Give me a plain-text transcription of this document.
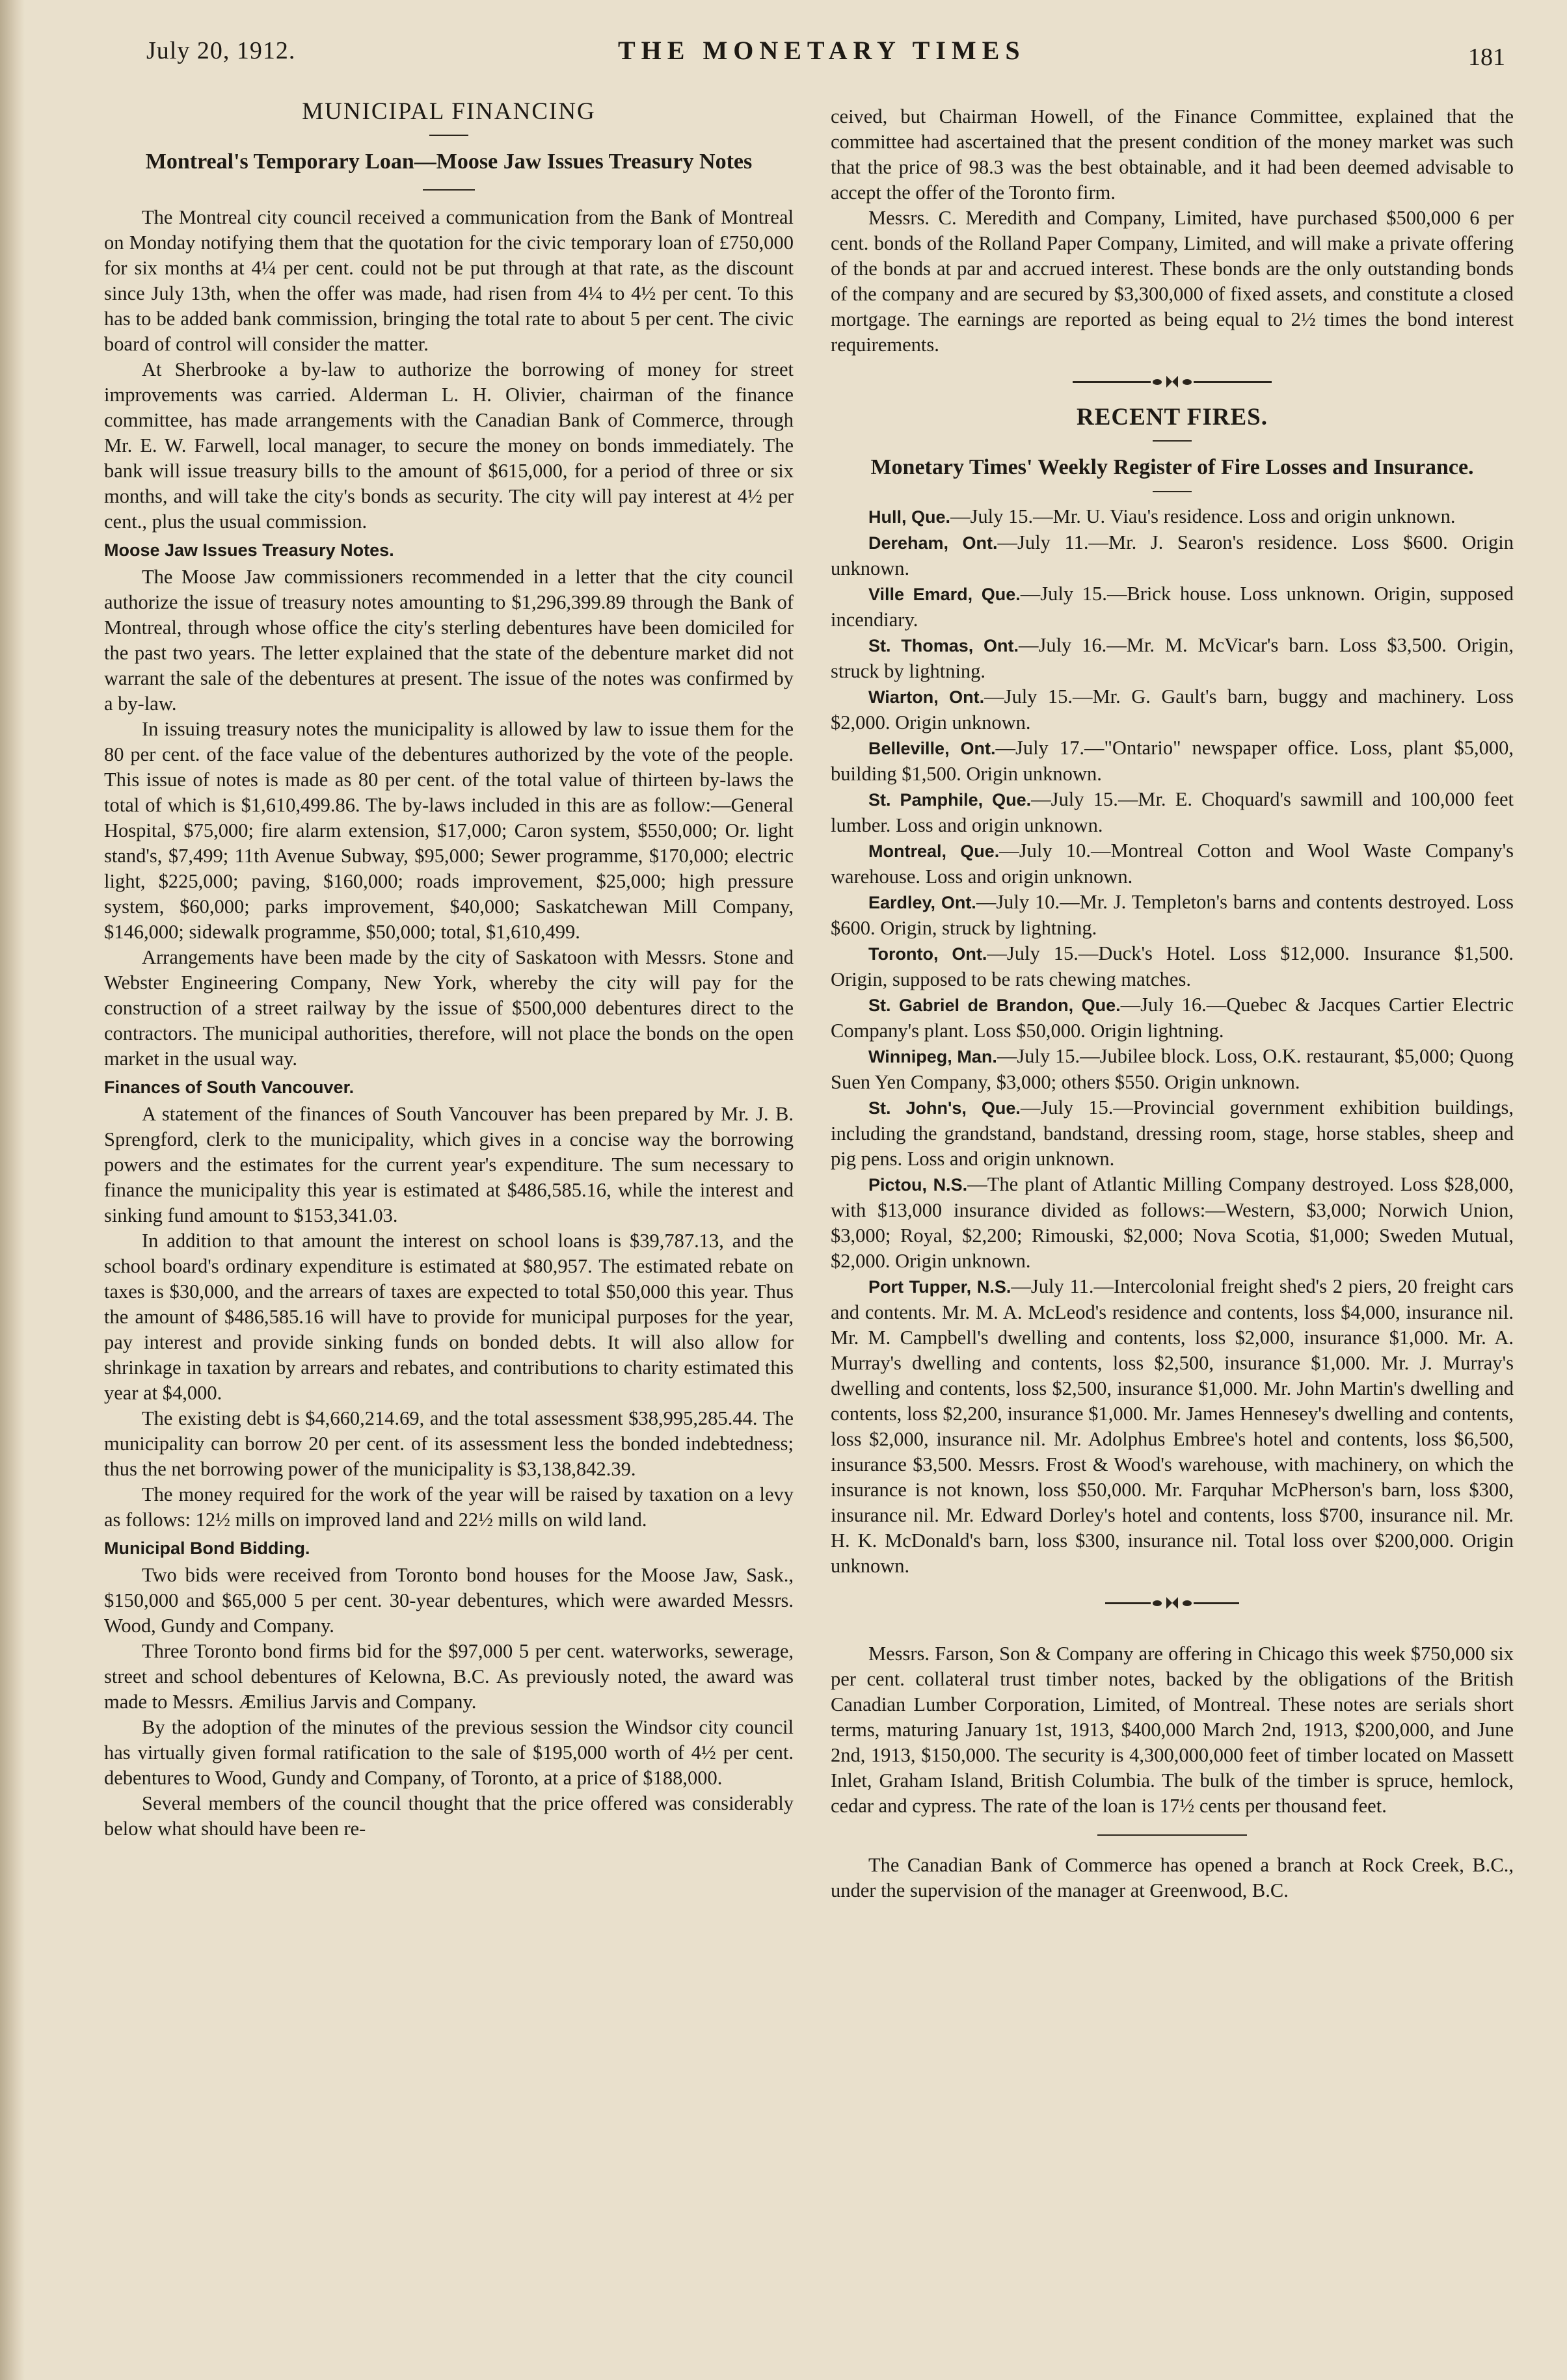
July 20, 1912.	THE MONETARY TIMES	181
MUNICIPAL FINANCING
Montreal's Temporary Loan—Moose Jaw Issues Treasury Notes

The Montreal city council received a communication from the Bank of Montreal on Monday notifying them that the quotation for the civic temporary loan of £750,000 for six months at 4¼ per cent. could not be put through at that rate, as the discount since July 13th, when the offer was made, had risen from 4¼ to 4½ per cent. To this has to be added bank commission, bringing the total rate to about 5 per cent. The civic board of control will consider the matter.

At Sherbrooke a by-law to authorize the borrowing of money for street improvements was carried. Alderman L. H. Olivier, chairman of the finance committee, has made arrangements with the Canadian Bank of Commerce, through Mr. E. W. Farwell, local manager, to secure the money on bonds immediately. The bank will issue treasury bills to the amount of $615,000, for a period of three or six months, and will take the city's bonds as security. The city will pay interest at 4½ per cent., plus the usual commission.

Moose Jaw Issues Treasury Notes.

The Moose Jaw commissioners recommended in a letter that the city council authorize the issue of treasury notes amounting to $1,296,399.89 through the Bank of Montreal, through whose office the city's sterling debentures have been domiciled for the past two years. The letter explained that the state of the debenture market did not warrant the sale of the debentures at present. The issue of the notes was confirmed by a by-law.

In issuing treasury notes the municipality is allowed by law to issue them for the 80 per cent. of the face value of the debentures authorized by the vote of the people. This issue of notes is made as 80 per cent. of the total value of thirteen by-laws the total of which is $1,610,499.86. The by-laws included in this are as follow:—General Hospital, $75,000; fire alarm extension, $17,000; Caron system, $550,000; Or. light stand's, $7,499; 11th Avenue Subway, $95,000; Sewer programme, $170,000; electric light, $225,000; paving, $160,000; roads improvement, $25,000; high pressure system, $60,000; parks improvement, $40,000; Saskatchewan Mill Company, $146,000; sidewalk programme, $50,000; total, $1,610,499.

Arrangements have been made by the city of Saskatoon with Messrs. Stone and Webster Engineering Company, New York, whereby the city will pay for the construction of a street railway by the issue of $500,000 debentures direct to the contractors. The municipal authorities, therefore, will not place the bonds on the open market in the usual way.

Finances of South Vancouver.

A statement of the finances of South Vancouver has been prepared by Mr. J. B. Sprengford, clerk to the municipality, which gives in a concise way the borrowing powers and the estimates for the current year's expenditure. The sum necessary to finance the municipality this year is estimated at $486,585.16, while the interest and sinking fund amount to $153,341.03.

In addition to that amount the interest on school loans is $39,787.13, and the school board's ordinary expenditure is estimated at $80,957. The estimated rebate on taxes is $30,000, and the arrears of taxes are expected to total $50,000 this year. Thus the amount of $486,585.16 will have to provide for municipal purposes for the year, pay interest and provide sinking funds on bonded debts. It will also allow for shrinkage in taxation by arrears and rebates, and contributions to charity estimated this year at $4,000.

The existing debt is $4,660,214.69, and the total assessment $38,995,285.44. The municipality can borrow 20 per cent. of its assessment less the bonded indebtedness; thus the net borrowing power of the municipality is $3,138,842.39.

The money required for the work of the year will be raised by taxation on a levy as follows: 12½ mills on improved land and 22½ mills on wild land.

Municipal Bond Bidding.

Two bids were received from Toronto bond houses for the Moose Jaw, Sask., $150,000 and $65,000 5 per cent. 30-year debentures, which were awarded Messrs. Wood, Gundy and Company.

Three Toronto bond firms bid for the $97,000 5 per cent. waterworks, sewerage, street and school debentures of Kelowna, B.C. As previously noted, the award was made to Messrs. Æmilius Jarvis and Company.

By the adoption of the minutes of the previous session the Windsor city council has virtually given formal ratification to the sale of $195,000 worth of 4½ per cent. debentures to Wood, Gundy and Company, of Toronto, at a price of $188,000.

Several members of the council thought that the price offered was considerably below what should have been re-

ceived, but Chairman Howell, of the Finance Committee, explained that the committee had ascertained that the present condition of the money market was such that the price of 98.3 was the best obtainable, and it had been deemed advisable to accept the offer of the Toronto firm.

Messrs. C. Meredith and Company, Limited, have purchased $500,000 6 per cent. bonds of the Rolland Paper Company, Limited, and will make a private offering of the bonds at par and accrued interest. These bonds are the only outstanding bonds of the company and are secured by $3,300,000 of fixed assets, and constitute a closed mortgage. The earnings are reported as being equal to 2½ times the bond interest requirements.

RECENT FIRES.
Monetary Times' Weekly Register of Fire Losses and Insurance.

Hull, Que.—July 15.—Mr. U. Viau's residence. Loss and origin unknown.

Dereham, Ont.—July 11.—Mr. J. Searon's residence. Loss $600. Origin unknown.

Ville Emard, Que.—July 15.—Brick house. Loss unknown. Origin, supposed incendiary.

St. Thomas, Ont.—July 16.—Mr. M. McVicar's barn. Loss $3,500. Origin, struck by lightning.

Wiarton, Ont.—July 15.—Mr. G. Gault's barn, buggy and machinery. Loss $2,000. Origin unknown.

Belleville, Ont.—July 17.—"Ontario" newspaper office. Loss, plant $5,000, building $1,500. Origin unknown.

St. Pamphile, Que.—July 15.—Mr. E. Choquard's sawmill and 100,000 feet lumber. Loss and origin unknown.

Montreal, Que.—July 10.—Montreal Cotton and Wool Waste Company's warehouse. Loss and origin unknown.

Eardley, Ont.—July 10.—Mr. J. Templeton's barns and contents destroyed. Loss $600. Origin, struck by lightning.

Toronto, Ont.—July 15.—Duck's Hotel. Loss $12,000. Insurance $1,500. Origin, supposed to be rats chewing matches.

St. Gabriel de Brandon, Que.—July 16.—Quebec & Jacques Cartier Electric Company's plant. Loss $50,000. Origin lightning.

Winnipeg, Man.—July 15.—Jubilee block. Loss, O.K. restaurant, $5,000; Quong Suen Yen Company, $3,000; others $550. Origin unknown.

St. John's, Que.—July 15.—Provincial government exhibition buildings, including the grandstand, bandstand, dressing room, stage, horse stables, sheep and pig pens. Loss and origin unknown.

Pictou, N.S.—The plant of Atlantic Milling Company destroyed. Loss $28,000, with $13,000 insurance divided as follows:—Western, $3,000; Norwich Union, $3,000; Royal, $2,200; Rimouski, $2,000; Nova Scotia, $1,000; Sweden Mutual, $2,000. Origin unknown.

Port Tupper, N.S.—July 11.—Intercolonial freight shed's 2 piers, 20 freight cars and contents. Mr. M. A. McLeod's residence and contents, loss $4,000, insurance nil. Mr. M. Campbell's dwelling and contents, loss $2,000, insurance $1,000. Mr. A. Murray's dwelling and contents, loss $2,500, insurance $1,000. Mr. J. Murray's dwelling and contents, loss $2,500, insurance $1,000. Mr. John Martin's dwelling and contents, loss $2,200, insurance $1,000. Mr. James Hennesey's dwelling and contents, loss $2,000, insurance nil. Mr. Adolphus Embree's hotel and contents, loss $6,500, insurance $3,500. Messrs. Frost & Wood's warehouse, with machinery, on which the insurance is not known, loss $50,000. Mr. Farquhar McPherson's barn, loss $300, insurance nil. Mr. Edward Dorley's hotel and contents, loss $700, insurance nil. Mr. H. K. McDonald's barn, loss $300, insurance nil. Total loss over $200,000. Origin unknown.

Messrs. Farson, Son & Company are offering in Chicago this week $750,000 six per cent. collateral trust timber notes, backed by the obligations of the British Canadian Lumber Corporation, Limited, of Montreal. These notes are serials short terms, maturing January 1st, 1913, $400,000 March 2nd, 1913, $200,000, and June 2nd, 1913, $150,000. The security is 4,300,000,000 feet of timber located on Massett Inlet, Graham Island, British Columbia. The bulk of the timber is spruce, hemlock, cedar and cypress. The rate of the loan is 17½ cents per thousand feet.

The Canadian Bank of Commerce has opened a branch at Rock Creek, B.C., under the supervision of the manager at Greenwood, B.C.
